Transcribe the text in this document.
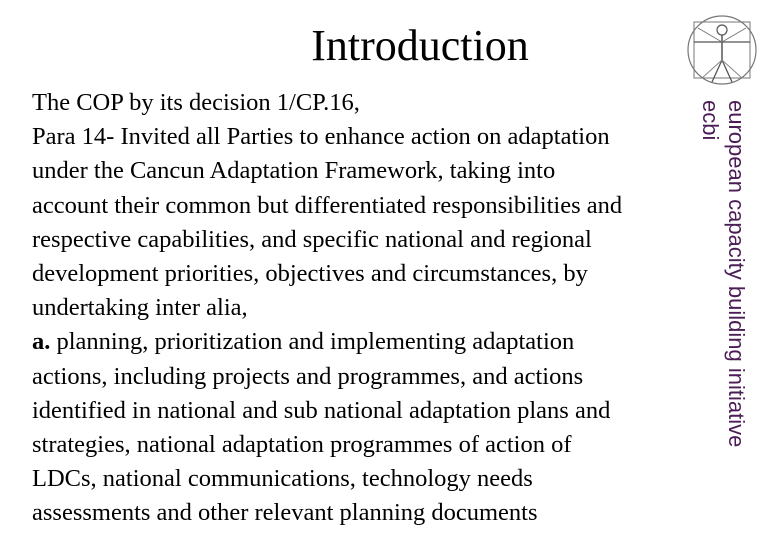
Introduction

The COP by its decision 1/CP.16,

Para 14- Invited all Parties to enhance action on adaptation

under the Cancun Adaptation Framework, taking into

account their common but differentiated responsibilities and

respective capabilities, and specific national and regional

development priorities, objectives and circumstances, by

undertaking inter alia,

a. planning, prioritization and implementing adaptation

actions, including projects and programmes, and actions

identified in national and sub national adaptation plans and

strategies, national adaptation programmes of action of

LDCs, national communications, technology needs

assessments and other relevant planning documents

european capacity building initiative
ecbi
